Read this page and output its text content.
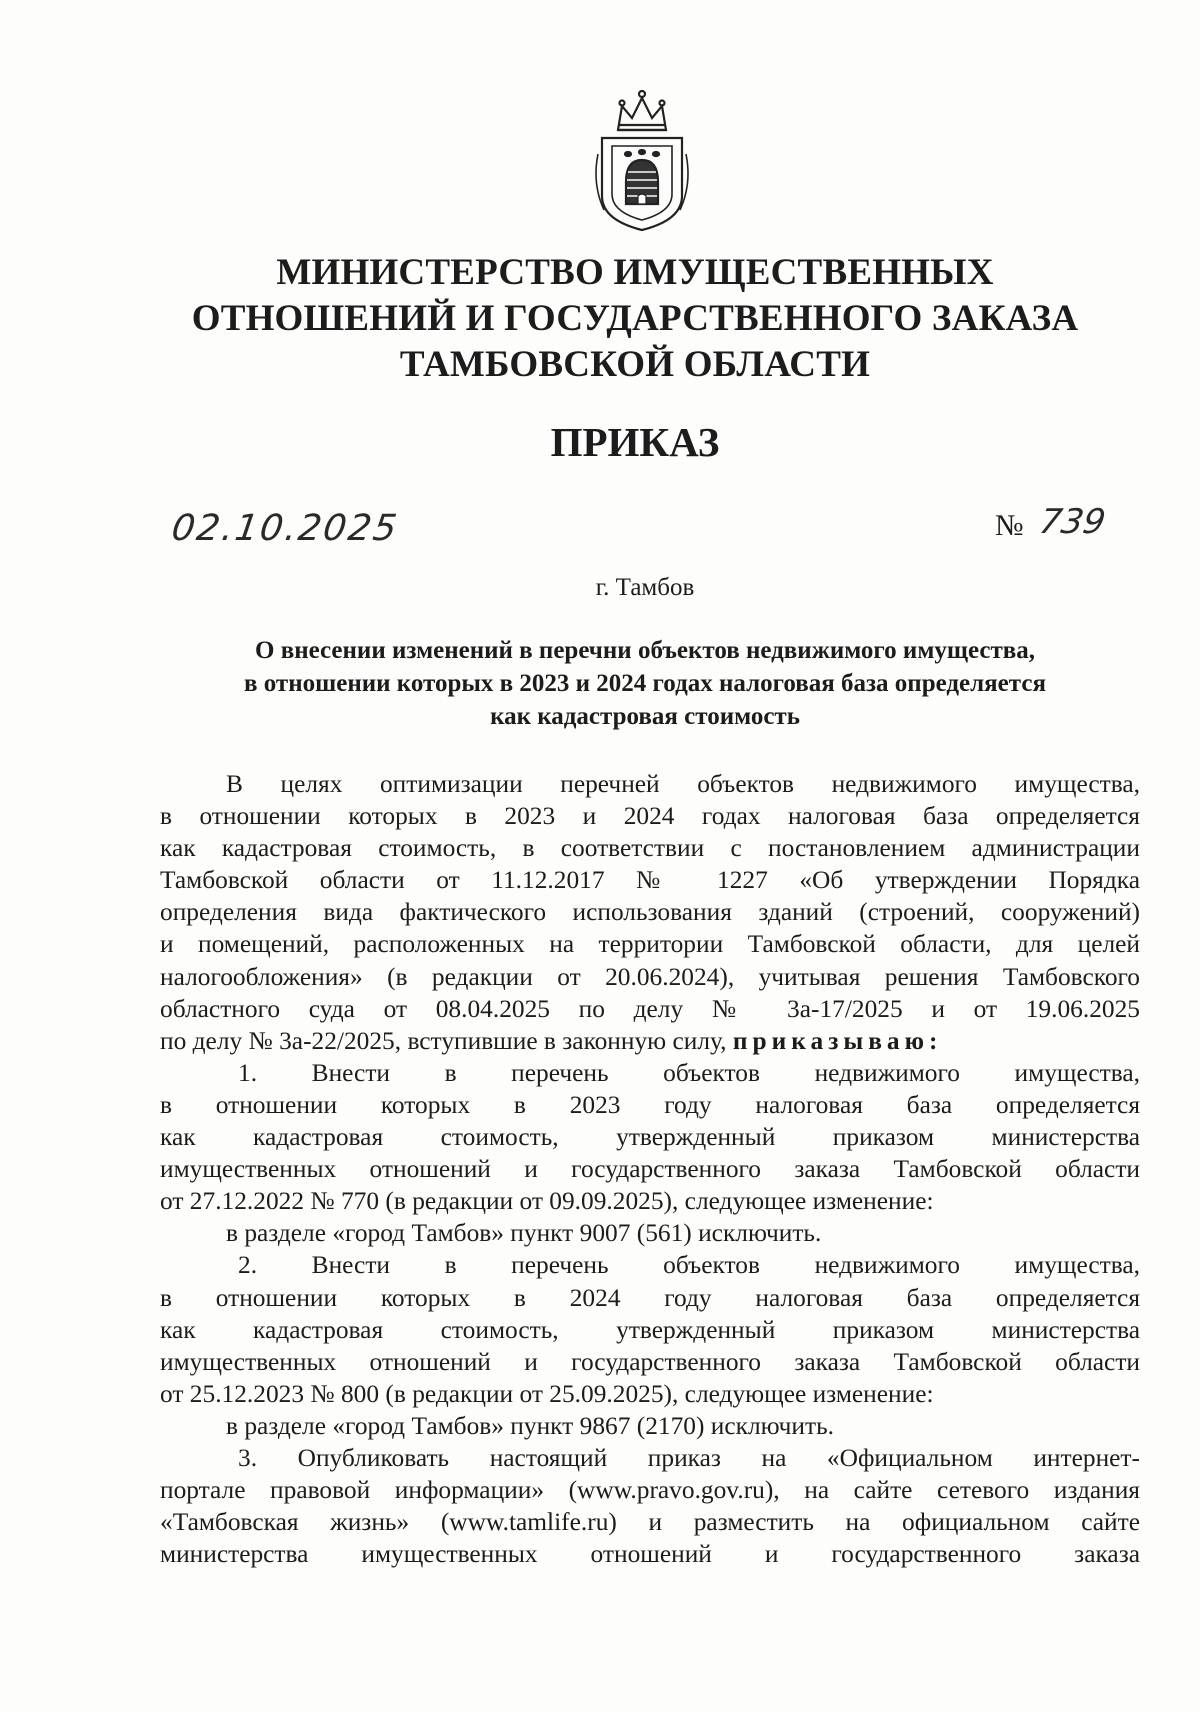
МИНИСТЕРСТВО ИМУЩЕСТВЕННЫХ
ОТНОШЕНИЙ И ГОСУДАРСТВЕННОГО ЗАКАЗА
ТАМБОВСКОЙ ОБЛАСТИ
ПРИКАЗ
02.10.2025	№ 739
г. Тамбов
О внесении изменений в перечни объектов недвижимого имущества,
в отношении которых в 2023 и 2024 годах налоговая база определяется
как кадастровая стоимость
В целях оптимизации перечней объектов недвижимого имущества,
в отношении которых в 2023 и 2024 годах налоговая база определяется
как кадастровая стоимость, в соответствии с постановлением администрации
Тамбовской области от 11.12.2017 № 1227 «Об утверждении Порядка
определения вида фактического использования зданий (строений, сооружений)
и помещений, расположенных на территории Тамбовской области, для целей
налогообложения» (в редакции от 20.06.2024), учитывая решения Тамбовского
областного суда от 08.04.2025 по делу № 3а-17/2025 и от 19.06.2025
по делу № 3а-22/2025, вступившие в законную силу, приказываю:
1. Внести в перечень объектов недвижимого имущества,
в отношении которых в 2023 году налоговая база определяется
как кадастровая стоимость, утвержденный приказом министерства
имущественных отношений и государственного заказа Тамбовской области
от 27.12.2022 № 770 (в редакции от 09.09.2025), следующее изменение:
в разделе «город Тамбов» пункт 9007 (561) исключить.
2. Внести в перечень объектов недвижимого имущества,
в отношении которых в 2024 году налоговая база определяется
как кадастровая стоимость, утвержденный приказом министерства
имущественных отношений и государственного заказа Тамбовской области
от 25.12.2023 № 800 (в редакции от 25.09.2025), следующее изменение:
в разделе «город Тамбов» пункт 9867 (2170) исключить.
3. Опубликовать настоящий приказ на «Официальном интернет-
портале правовой информации» (www.pravo.gov.ru), на сайте сетевого издания
«Тамбовская жизнь» (www.tamlife.ru) и разместить на официальном сайте
министерства имущественных отношений и государственного заказа
